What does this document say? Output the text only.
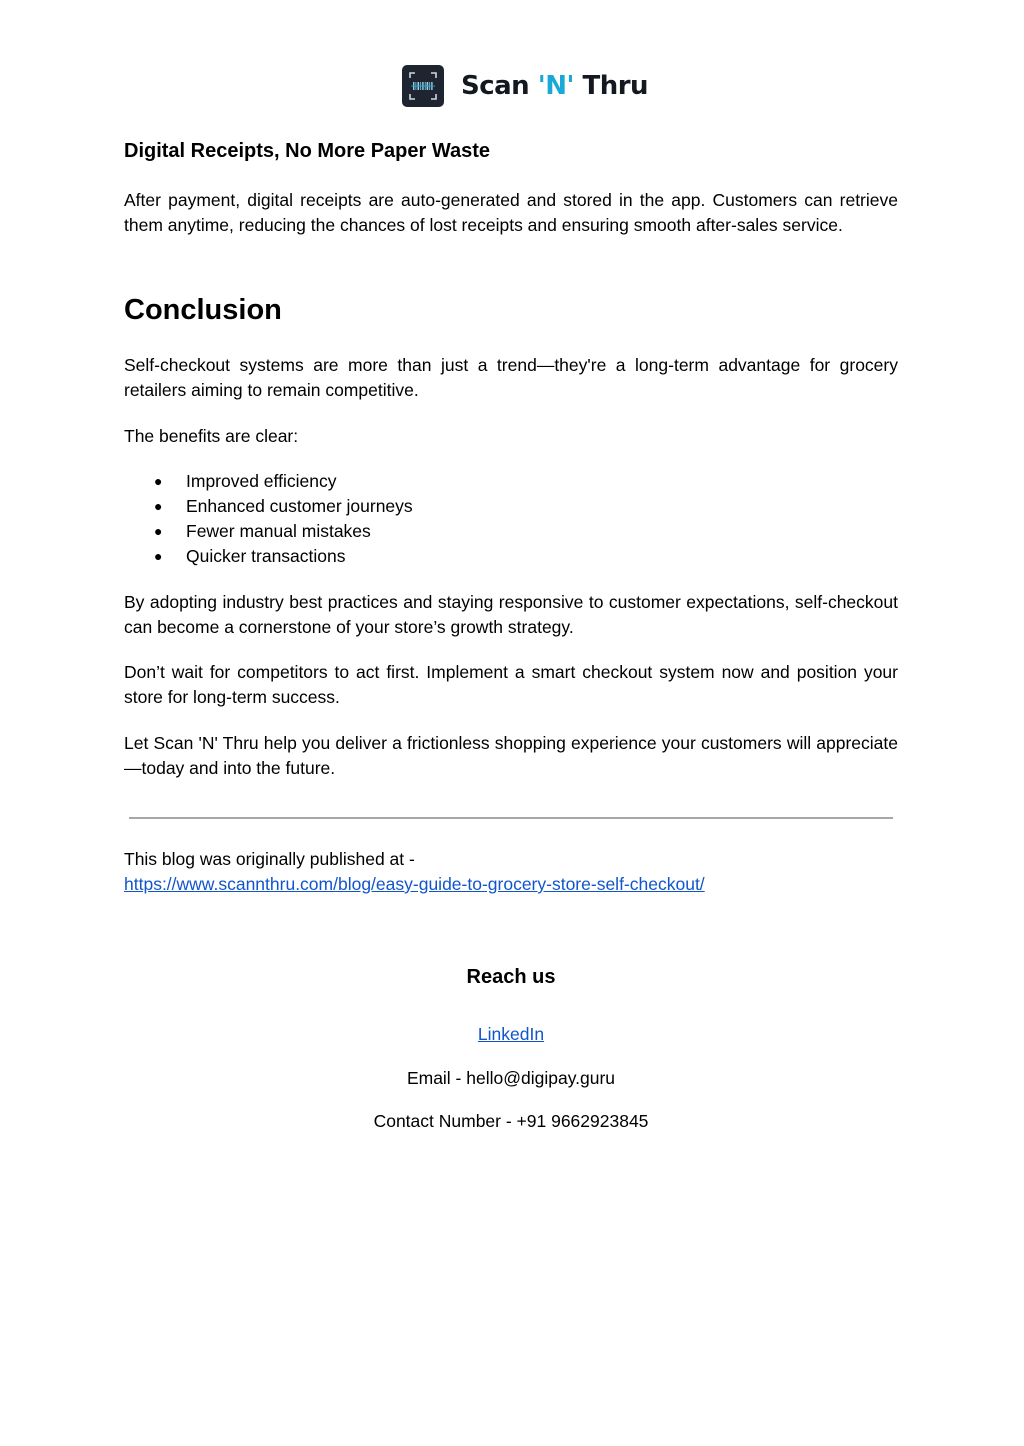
Scan 'N' Thru
Digital Receipts, No More Paper Waste

After payment, digital receipts are auto-generated and stored in the app. Customers can retrieve them anytime, reducing the chances of lost receipts and ensuring smooth after-sales service.

Conclusion

Self-checkout systems are more than just a trend—they're a long-term advantage for grocery retailers aiming to remain competitive.

The benefits are clear:

● Improved efficiency
● Enhanced customer journeys
● Fewer manual mistakes
● Quicker transactions

By adopting industry best practices and staying responsive to customer expectations, self-checkout can become a cornerstone of your store’s growth strategy.

Don’t wait for competitors to act first. Implement a smart checkout system now and position your store for long-term success.

Let Scan 'N' Thru help you deliver a frictionless shopping experience your customers will appreciate—today and into the future.

This blog was originally published at -

https://www.scannthru.com/blog/easy-guide-to-grocery-store-self-checkout/

Reach us
LinkedIn
Email - hello@digipay.guru
Contact Number - +91 9662923845
